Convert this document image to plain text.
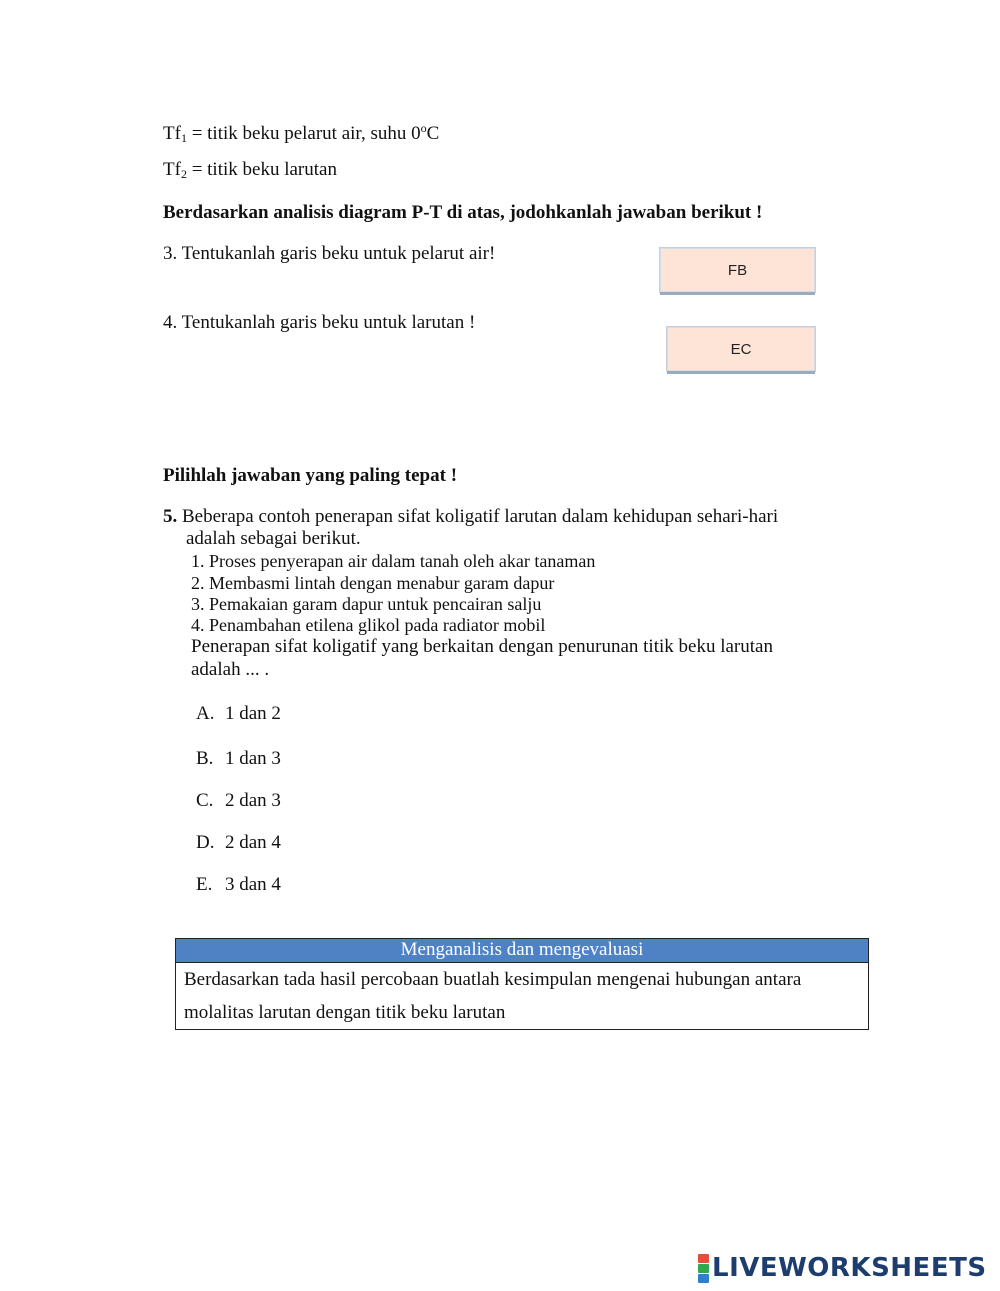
$Tf_1$ = titik beku pelarut air, suhu 0$^o$C
$Tf_2$ = titik beku larutan
Berdasarkan analisis diagram P-T di atas, jodohkanlah jawaban berikut !
3. Tentukanlah garis beku untuk pelarut air!
FB
4. Tentukanlah garis beku untuk larutan !
EC
Pilihlah jawaban yang paling tepat !
5. Beberapa contoh penerapan sifat koligatif larutan dalam kehidupan sehari-hari
adalah sebagai berikut.
1. Proses penyerapan air dalam tanah oleh akar tanaman
2. Membasmi lintah dengan menabur garam dapur
3. Pemakaian garam dapur untuk pencairan salju
4. Penambahan etilena glikol pada radiator mobil
Penerapan sifat koligatif yang berkaitan dengan penurunan titik beku larutan
adalah ... .
A. 1 dan 2
B. 1 dan 3
C. 2 dan 3
D. 2 dan 4
E. 3 dan 4
Menganalisis dan mengevaluasi
Berdasarkan tada hasil percobaan buatlah kesimpulan mengenai hubungan antara
molalitas larutan dengan titik beku larutan
LIVEWORKSHEETS
